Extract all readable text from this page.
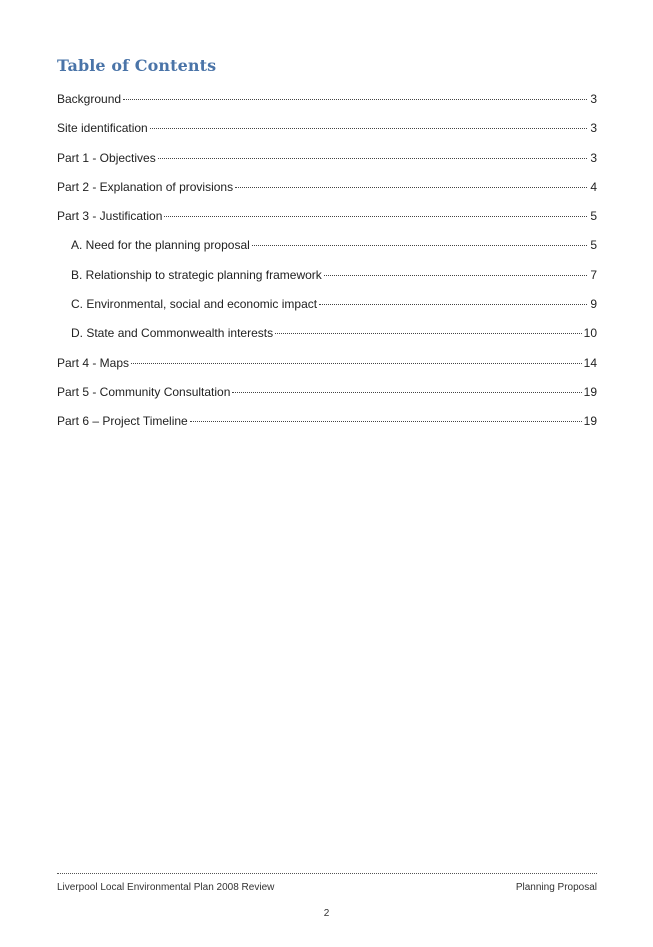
Table of Contents
Background	3
Site identification	3
Part 1 - Objectives	3
Part 2 - Explanation of provisions	4
Part 3 - Justification	5
A. Need for the planning proposal	5
B. Relationship to strategic planning framework	7
C. Environmental, social and economic impact	9
D. State and Commonwealth interests	10
Part 4 - Maps	14
Part 5 - Community Consultation	19
Part 6 – Project Timeline	19
Liverpool Local Environmental Plan 2008 Review	Planning Proposal
2
